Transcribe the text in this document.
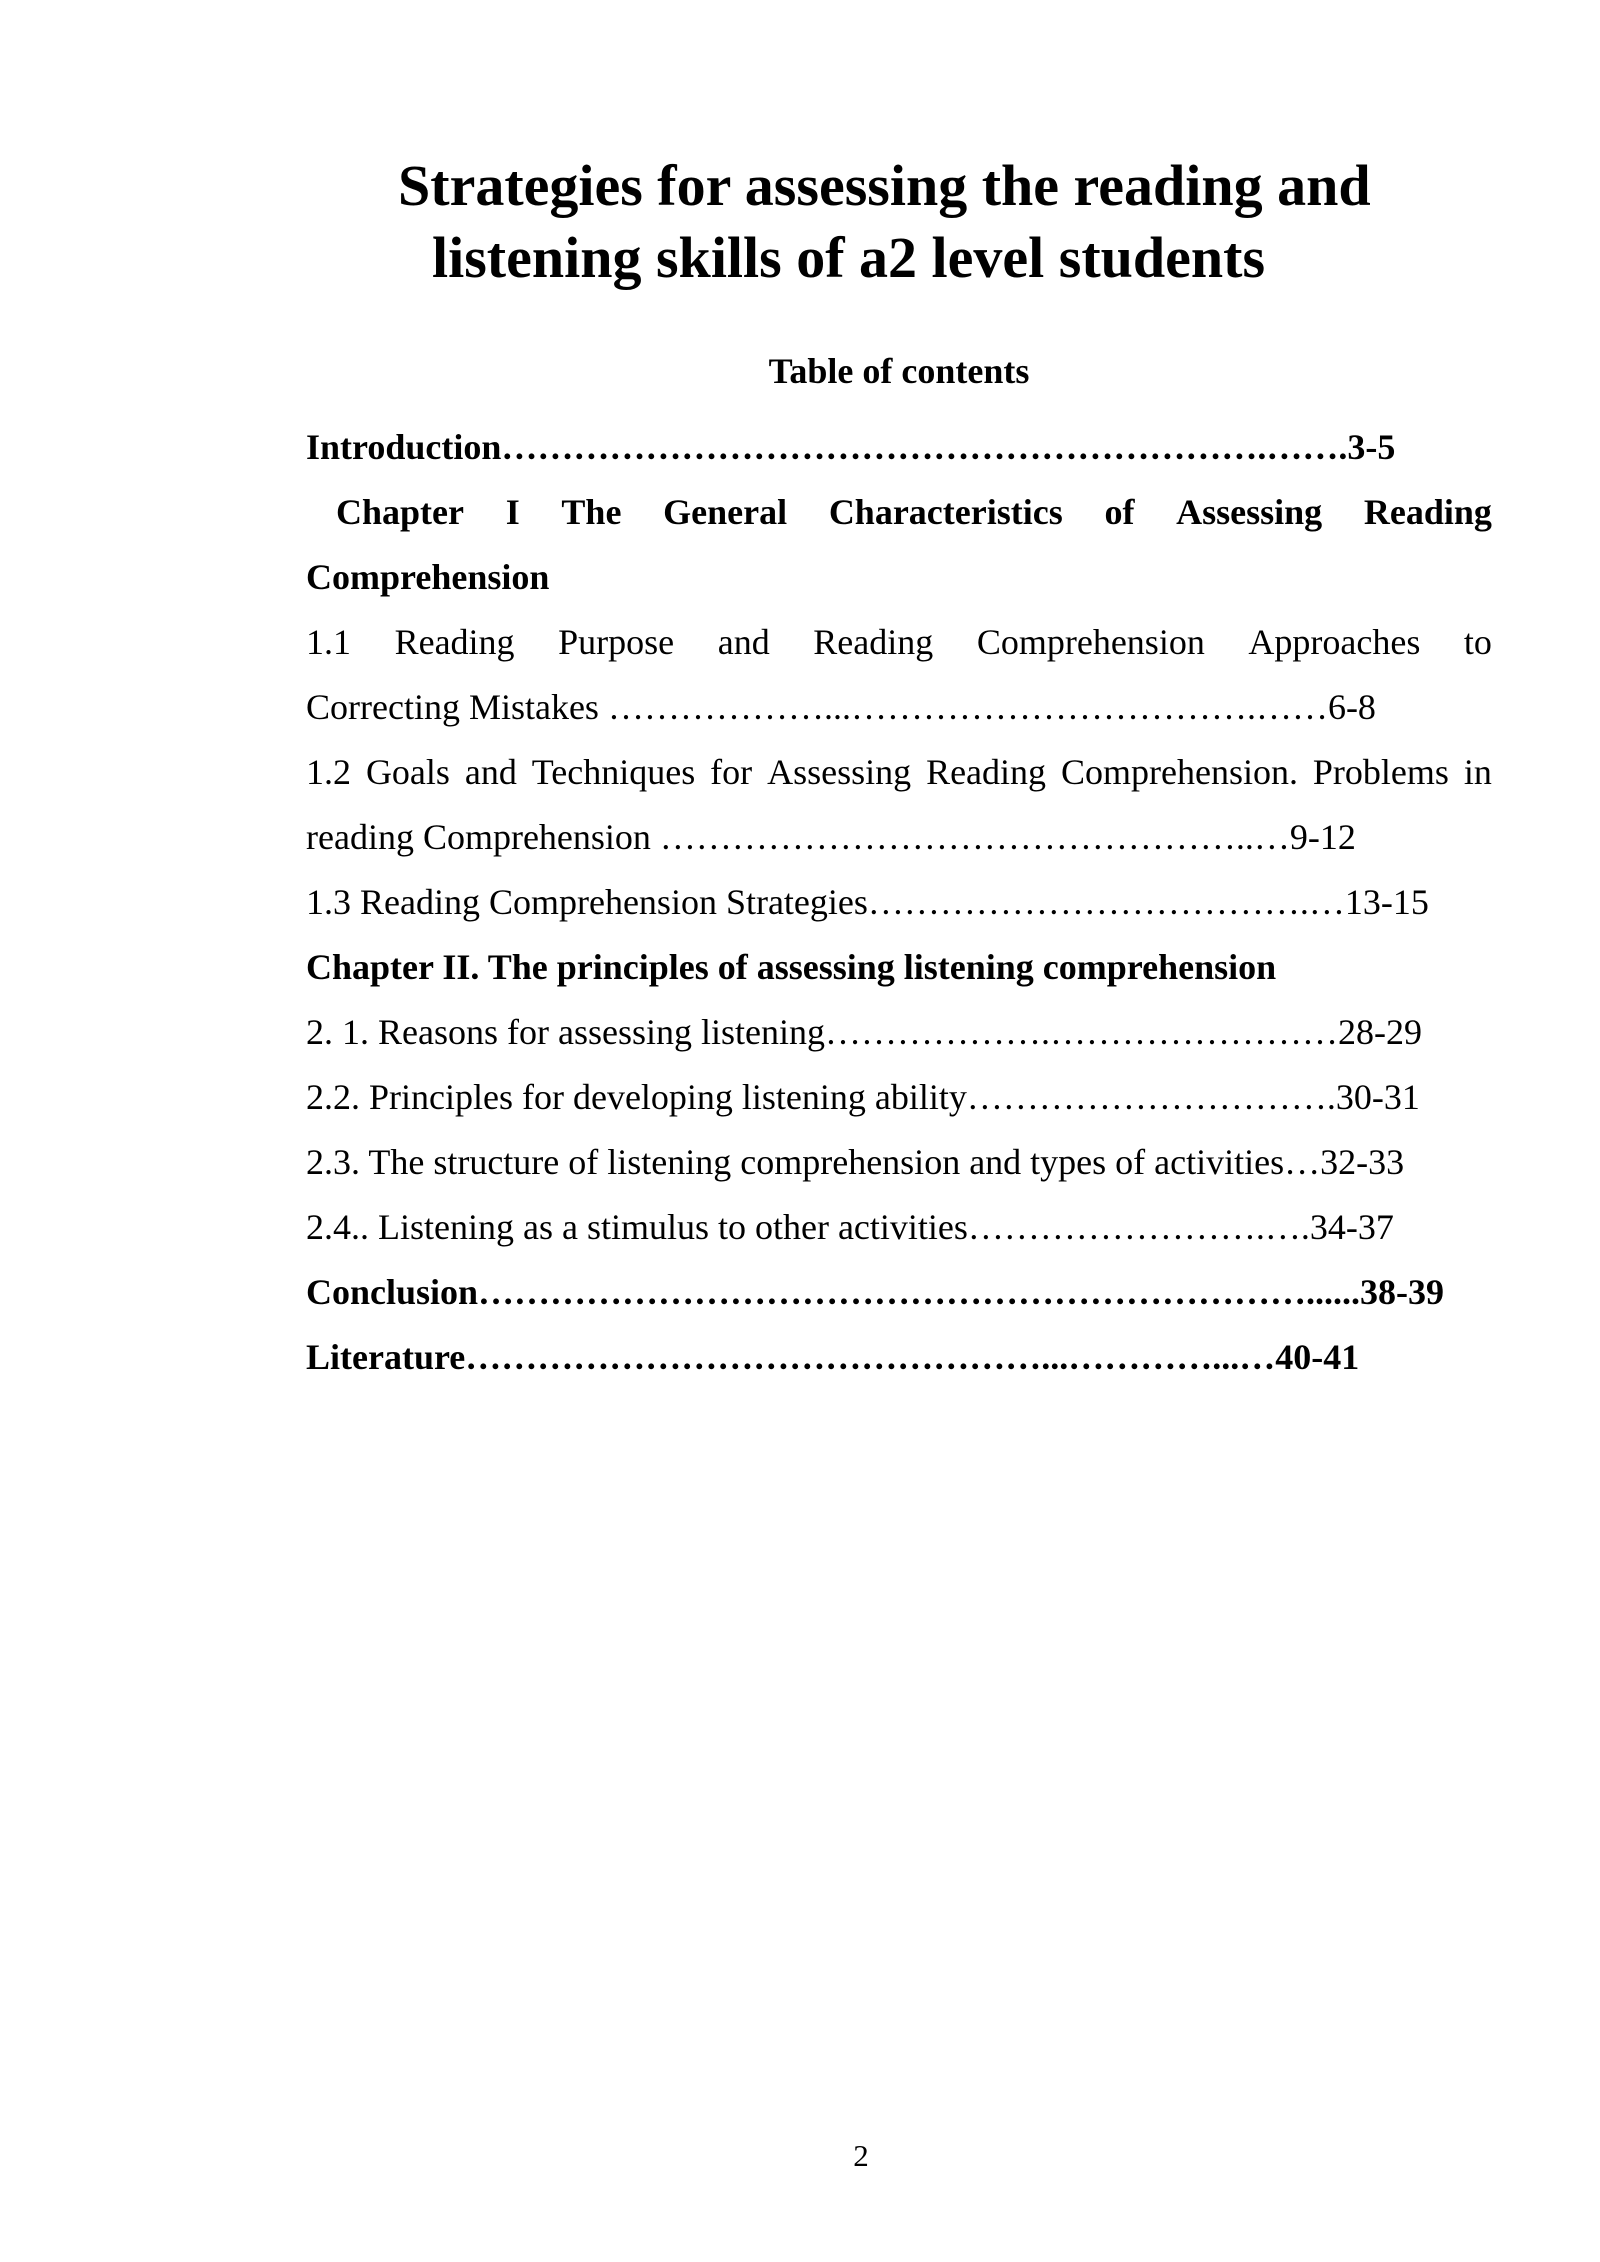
Strategies for assessing the reading and
listening skills of a2 level students
Table of contents
Introduction……………………………………………………….…….3-5
Chapter I The General Characteristics of Assessing Reading
Comprehension
1.1 Reading Purpose and Reading Comprehension Approaches to
Correcting Mistakes ………………...…………………………….……6-8
1.2 Goals and Techniques for Assessing Reading Comprehension. Problems in
reading Comprehension …………………………………………..…9-12
1.3 Reading Comprehension Strategies……………………………….…13-15
Chapter II. The principles of assessing listening comprehension
2. 1. Reasons for assessing listening……………….……………………28-29
2.2. Principles for developing listening ability………………………….30-31
2.3. The structure of listening comprehension and types of activities…32-33
2.4.. Listening as a stimulus to other activities…………………….….34-37
Conclusion……………………………………………………………......38-39
Literature…………………………………………...…………...…40-41
2
